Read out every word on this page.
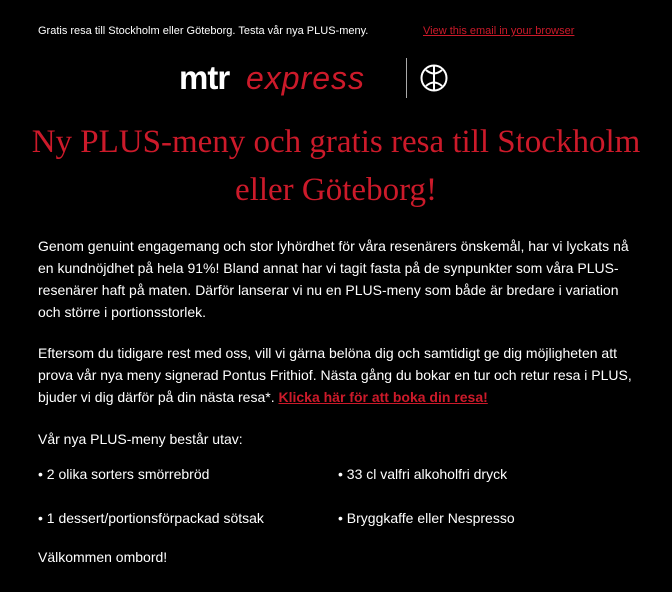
Gratis resa till Stockholm eller Göteborg. Testa vår nya PLUS-meny.	View this email in your browser
mtr express
Ny PLUS-meny och gratis resa till Stockholm eller Göteborg!

Genom genuint engagemang och stor lyhördhet för våra resenärers önskemål, har vi lyckats nå en kundnöjdhet på hela 91%! Bland annat har vi tagit fasta på de synpunkter som våra PLUS-resenärer haft på maten. Därför lanserar vi nu en PLUS-meny som både är bredare i variation och större i portionsstorlek.

Eftersom du tidigare rest med oss, vill vi gärna belöna dig och samtidigt ge dig möjligheten att prova vår nya meny signerad Pontus Frithiof. Nästa gång du bokar en tur och retur resa i PLUS, bjuder vi dig därför på din nästa resa*. Klicka här för att boka din resa!

Vår nya PLUS-meny består utav:

• 2 olika sorters smörrebröd	• 33 cl valfri alkoholfri dryck
• 1 dessert/portionsförpackad sötsak	• Bryggkaffe eller Nespresso

Välkommen ombord!
